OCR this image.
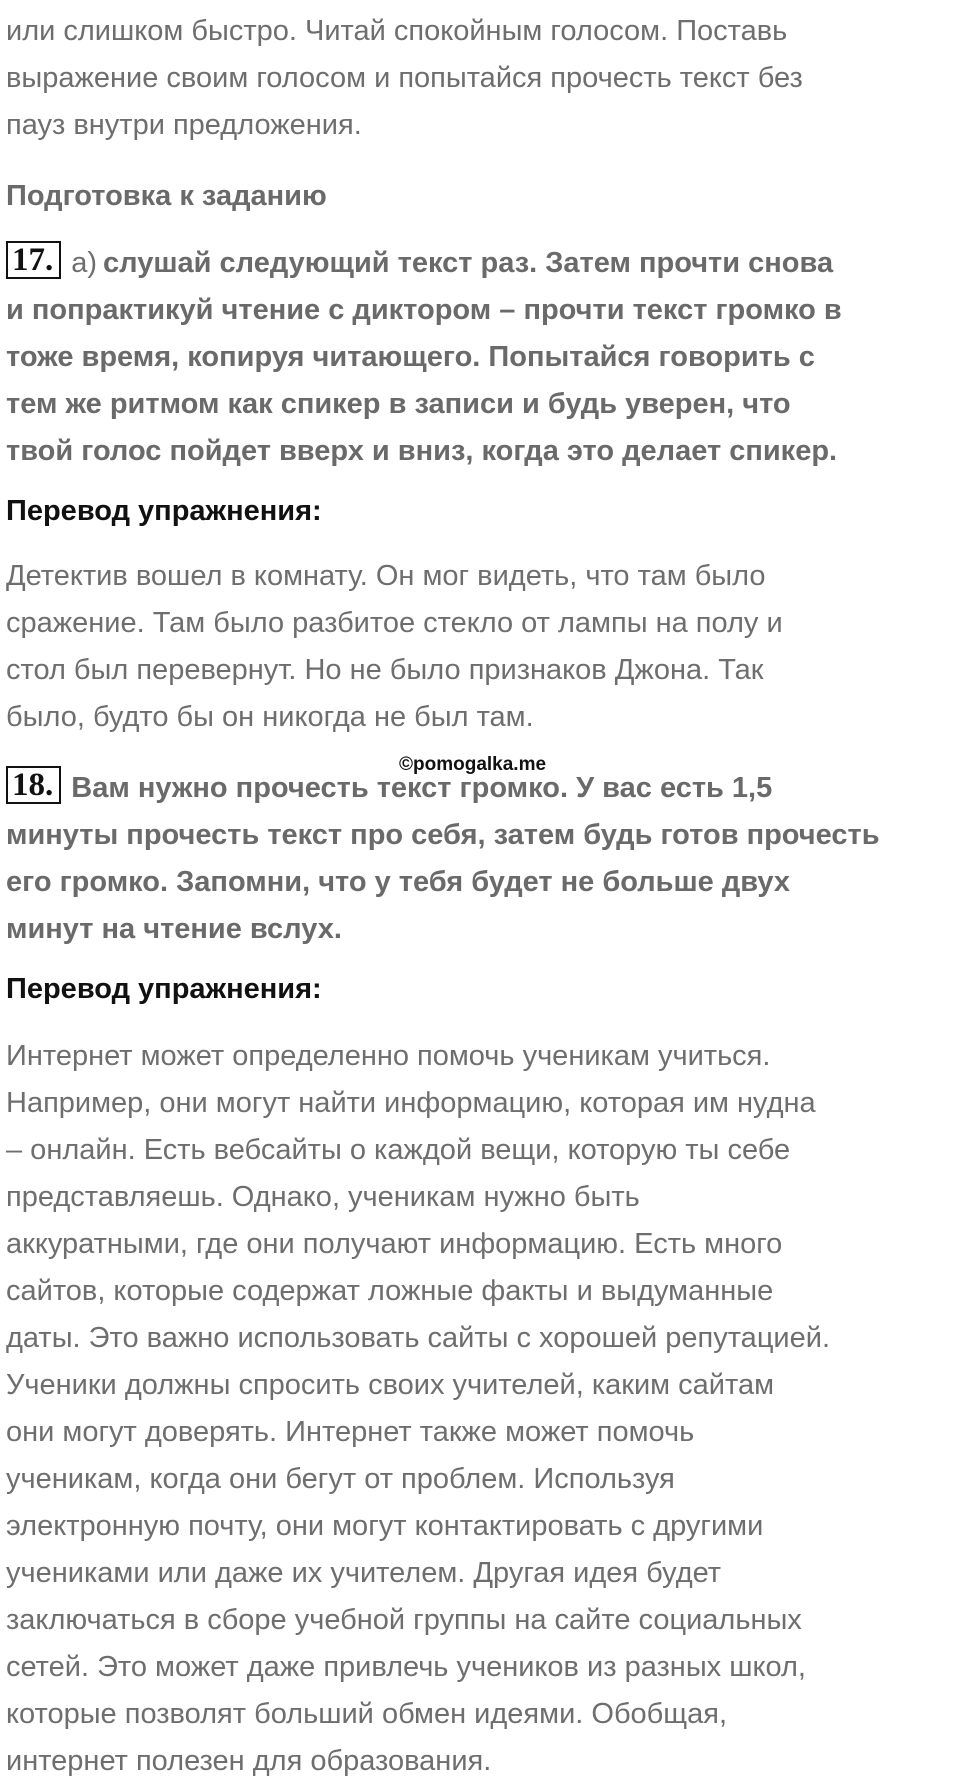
или слишком быстро. Читай спокойным голосом. Поставь
выражение своим голосом и попытайся прочесть текст без
пауз внутри предложения.
Подготовка к заданию
17. а) слушай следующий текст раз. Затем прочти снова
и попрактикуй чтение с диктором – прочти текст громко в
тоже время, копируя читающего. Попытайся говорить с
тем же ритмом как спикер в записи и будь уверен, что
твой голос пойдет вверх и вниз, когда это делает спикер.
Перевод упражнения:
Детектив вошел в комнату. Он мог видеть, что там было
сражение. Там было разбитое стекло от лампы на полу и
стол был перевернут. Но не было признаков Джона. Так
было, будто бы он никогда не был там.
18. Вам нужно прочесть текст громко. У вас есть 1,5
минуты прочесть текст про себя, затем будь готов прочесть
его громко. Запомни, что у тебя будет не больше двух
минут на чтение вслух.
Перевод упражнения:
Интернет может определенно помочь ученикам учиться.
Например, они могут найти информацию, которая им нудна
– онлайн. Есть вебсайты о каждой вещи, которую ты себе
представляешь. Однако, ученикам нужно быть
аккуратными, где они получают информацию. Есть много
сайтов, которые содержат ложные факты и выдуманные
даты. Это важно использовать сайты с хорошей репутацией.
Ученики должны спросить своих учителей, каким сайтам
они могут доверять. Интернет также может помочь
ученикам, когда они бегут от проблем. Используя
электронную почту, они могут контактировать с другими
учениками или даже их учителем. Другая идея будет
заключаться в сборе учебной группы на сайте социальных
сетей. Это может даже привлечь учеников из разных школ,
которые позволят больший обмен идеями. Обобщая,
интернет полезен для образования.
©pomogalka.me
